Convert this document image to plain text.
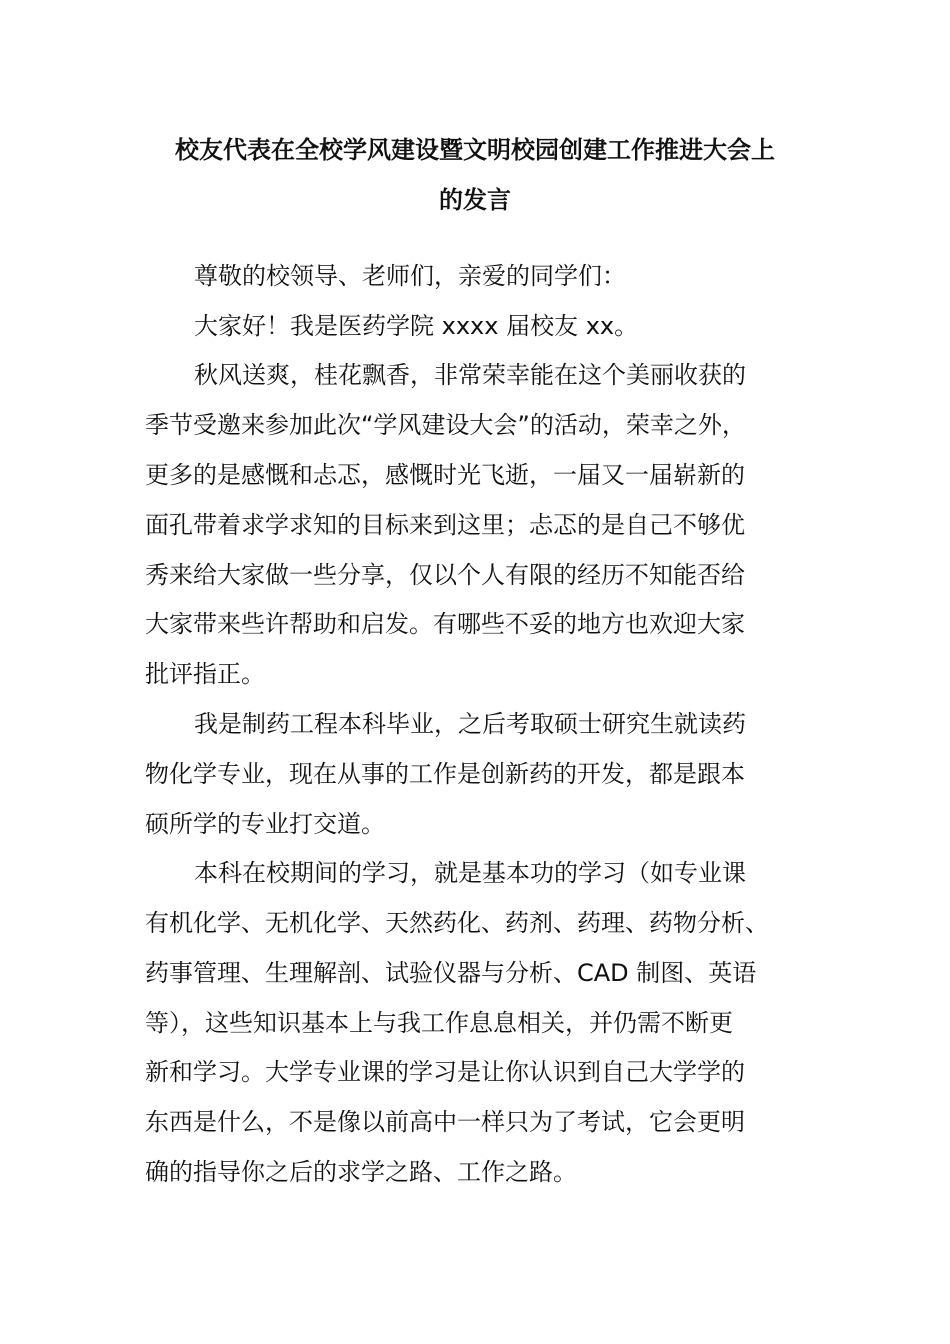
校友代表在全校学风建设暨文明校园创建工作推进大会上
的发言
尊敬的校领导、老师们，亲爱的同学们：
大家好！我是医药学院 xxxx 届校友 xx。
秋风送爽，桂花飘香，非常荣幸能在这个美丽收获的
季节受邀来参加此次“学风建设大会”的活动，荣幸之外，
更多的是感慨和忐忑，感慨时光飞逝，一届又一届崭新的
面孔带着求学求知的目标来到这里；忐忑的是自己不够优
秀来给大家做一些分享，仅以个人有限的经历不知能否给
大家带来些许帮助和启发。有哪些不妥的地方也欢迎大家
批评指正。
我是制药工程本科毕业，之后考取硕士研究生就读药
物化学专业，现在从事的工作是创新药的开发，都是跟本
硕所学的专业打交道。
本科在校期间的学习，就是基本功的学习（如专业课
有机化学、无机化学、天然药化、药剂、药理、药物分析、
药事管理、生理解剖、试验仪器与分析、CAD 制图、英语
等），这些知识基本上与我工作息息相关，并仍需不断更
新和学习。大学专业课的学习是让你认识到自己大学学的
东西是什么，不是像以前高中一样只为了考试，它会更明
确的指导你之后的求学之路、工作之路。
